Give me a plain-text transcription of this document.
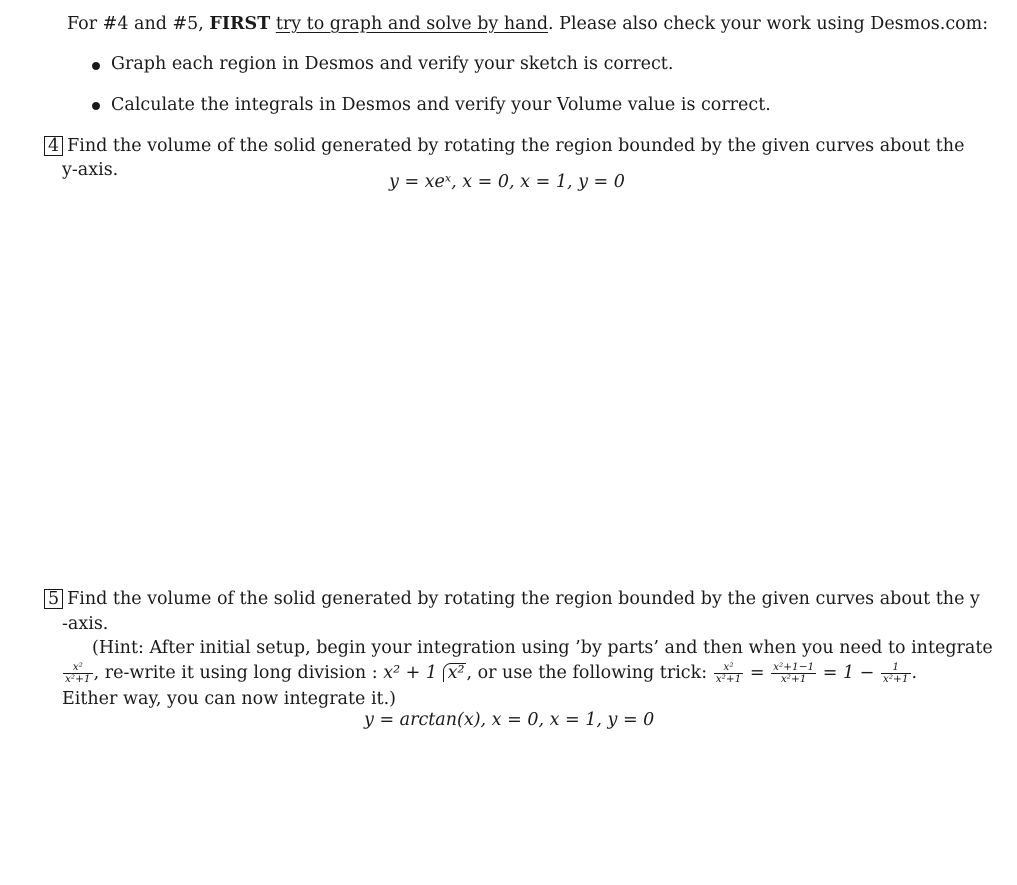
For #4 and #5, FIRST try to graph and solve by hand. Please also check your work using Desmos.com:
Graph each region in Desmos and verify your sketch is correct.
Calculate the integrals in Desmos and verify your Volume value is correct.
4 Find the volume of the solid generated by rotating the region bounded by the given curves about the
y-axis.
y = xeˣ, x = 0, x = 1, y = 0
5 Find the volume of the solid generated by rotating the region bounded by the given curves about the y
-axis.
(Hint: After initial setup, begin your integration using ’by parts’ and then when you need to integrate
$\frac{\text{x²}}{\text{x²+1}}$ , re-write it using long division : x² + 1 x² , or use the following trick: $\frac{\text{x²}}{\text{x²+1}} = \frac{\text{x²+1−1}}{\text{x²+1}} = 1 - \frac{1}{\text{x²+1}}$ .
Either way, you can now integrate it.)
y = arctan(x), x = 0, x = 1, y = 0
